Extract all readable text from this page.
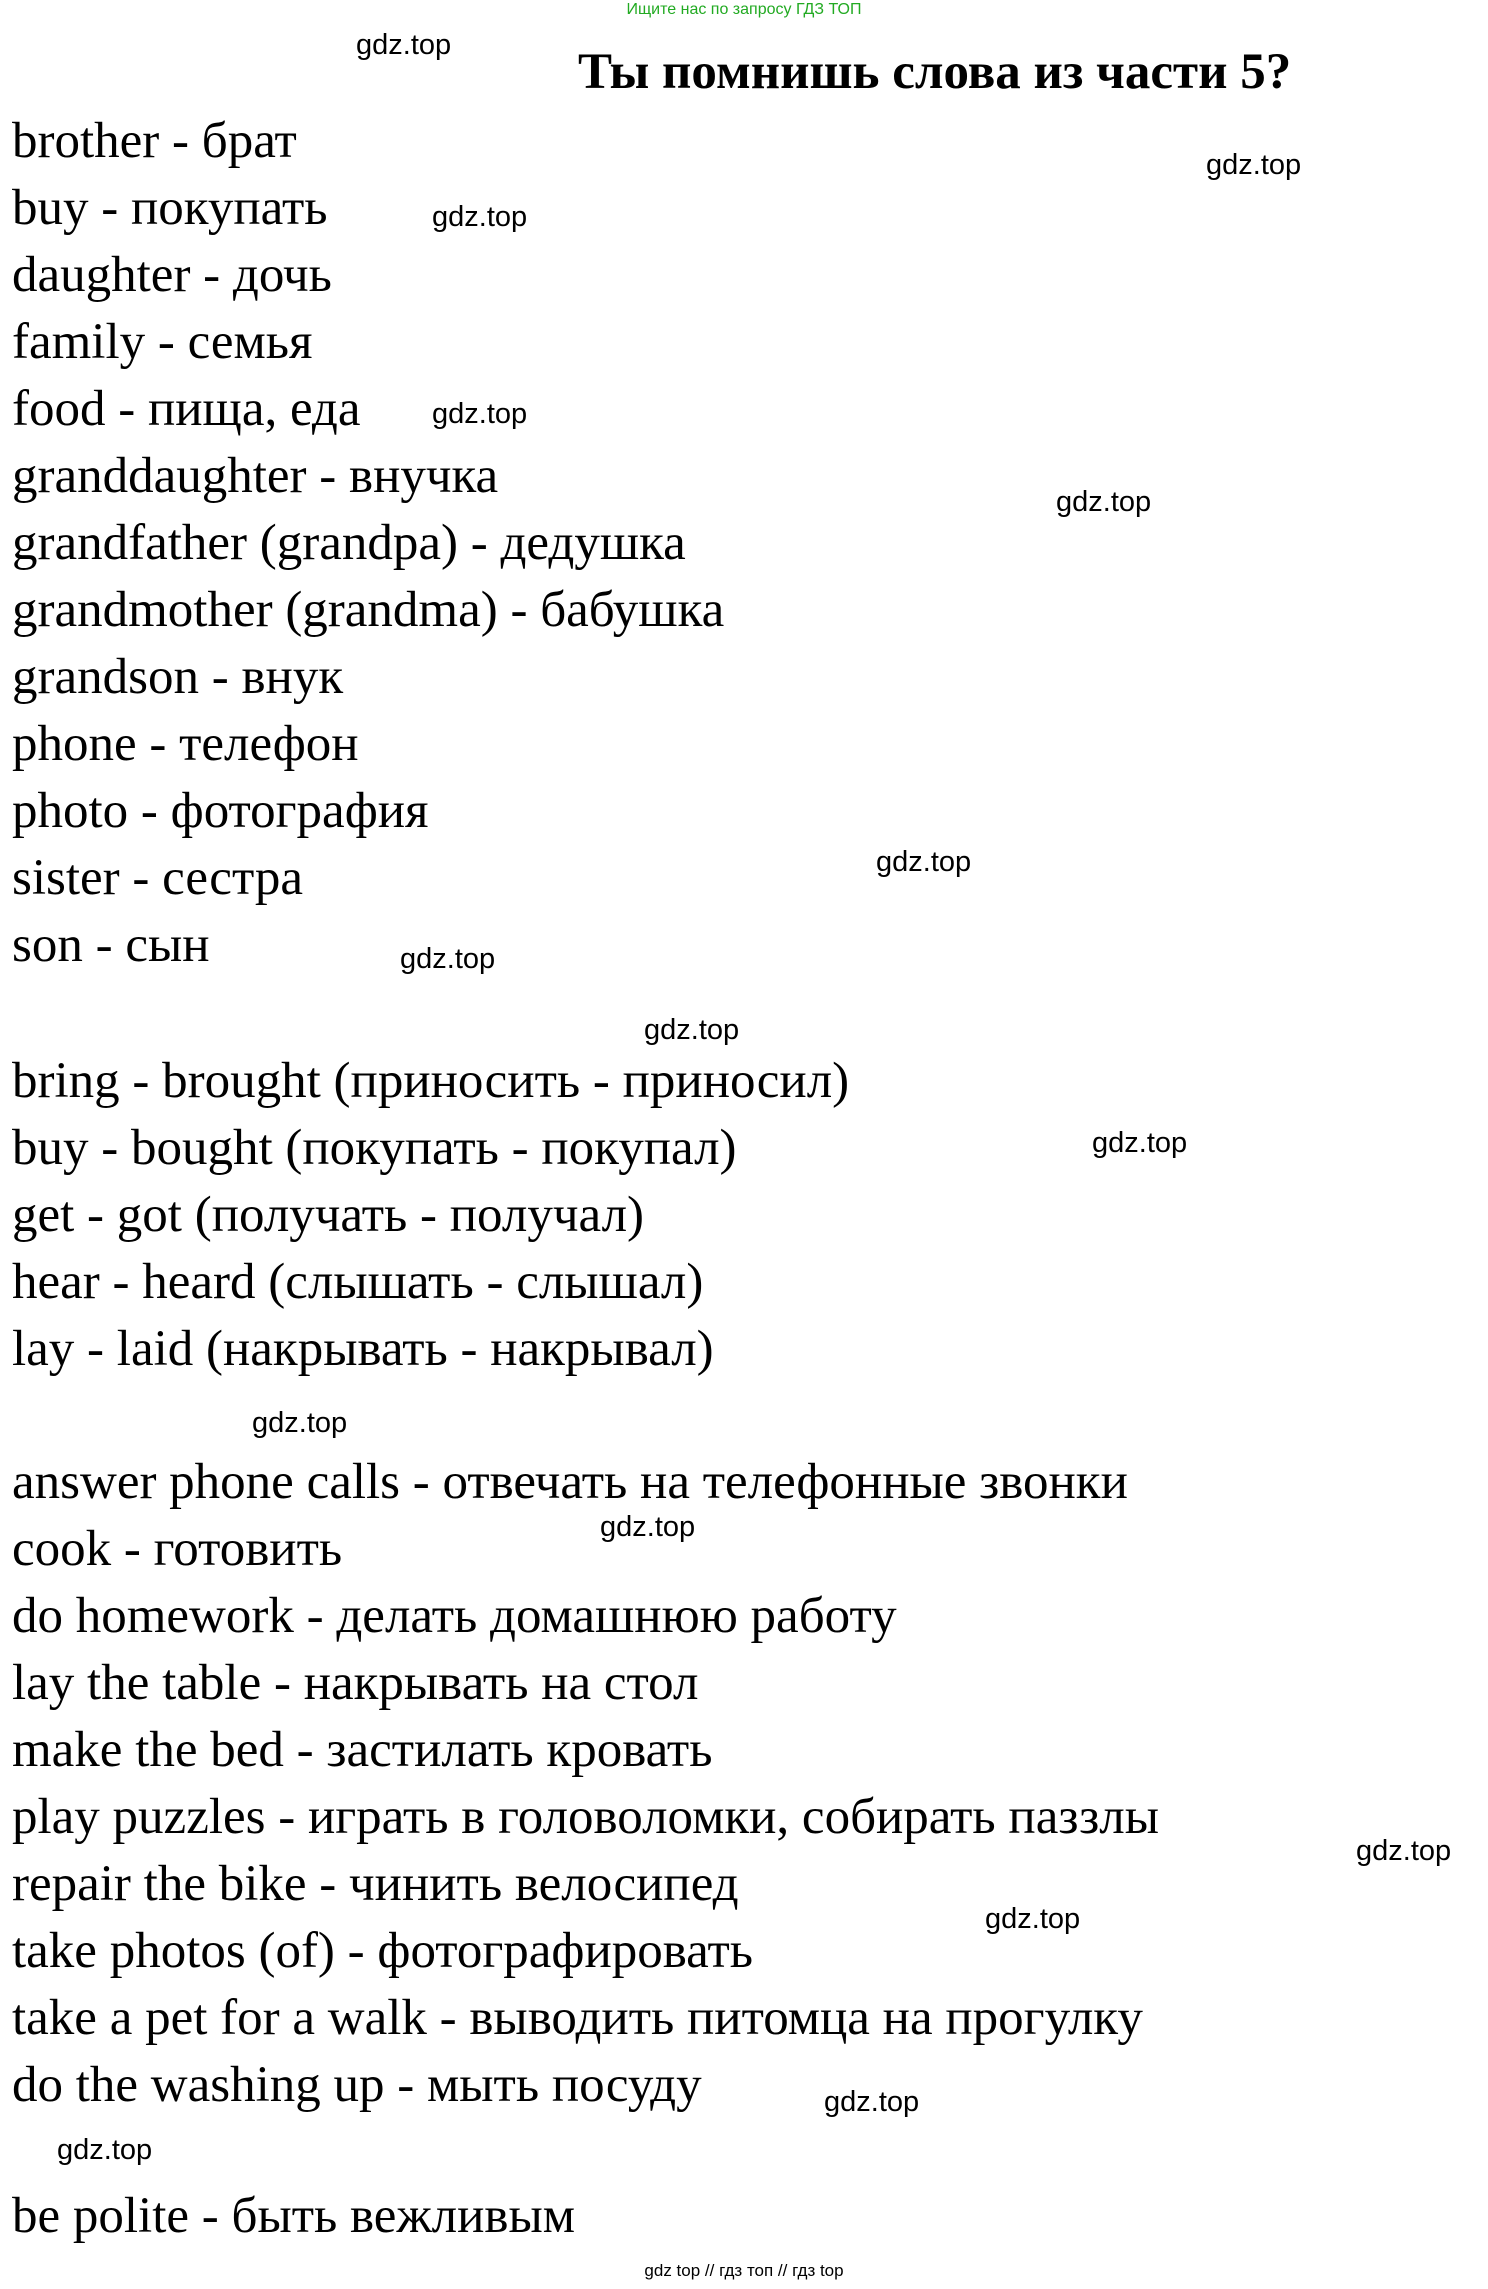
Ищите нас по запросу ГДЗ ТОП
Ты помнишь слова из части 5?
brother - брат
buy - покупать
daughter - дочь
family - семья
food - пища, еда
granddaughter - внучка
grandfather (grandpa) - дедушка
grandmother (grandma) - бабушка
grandson - внук
phone - телефон
photo - фотография
sister - сестра
son - сын
bring - brought (приносить - приносил)
buy - bought (покупать - покупал)
get - got (получать - получал)
hear - heard (слышать - слышал)
lay - laid (накрывать - накрывал)
answer phone calls - отвечать на телефонные звонки
cook - готовить
do homework - делать домашнюю работу
lay the table - накрывать на стол
make the bed - застилать кровать
play puzzles - играть в головоломки, собирать паззлы
repair the bike - чинить велосипед
take photos (of) - фотографировать
take a pet for a walk - выводить питомца на прогулку
do the washing up - мыть посуду
be polite - быть вежливым
gdz.top
gdz.top
gdz.top
gdz.top
gdz.top
gdz.top
gdz.top
gdz.top
gdz.top
gdz.top
gdz.top
gdz.top
gdz.top
gdz.top
gdz.top
gdz top // гдз топ // гдз top
